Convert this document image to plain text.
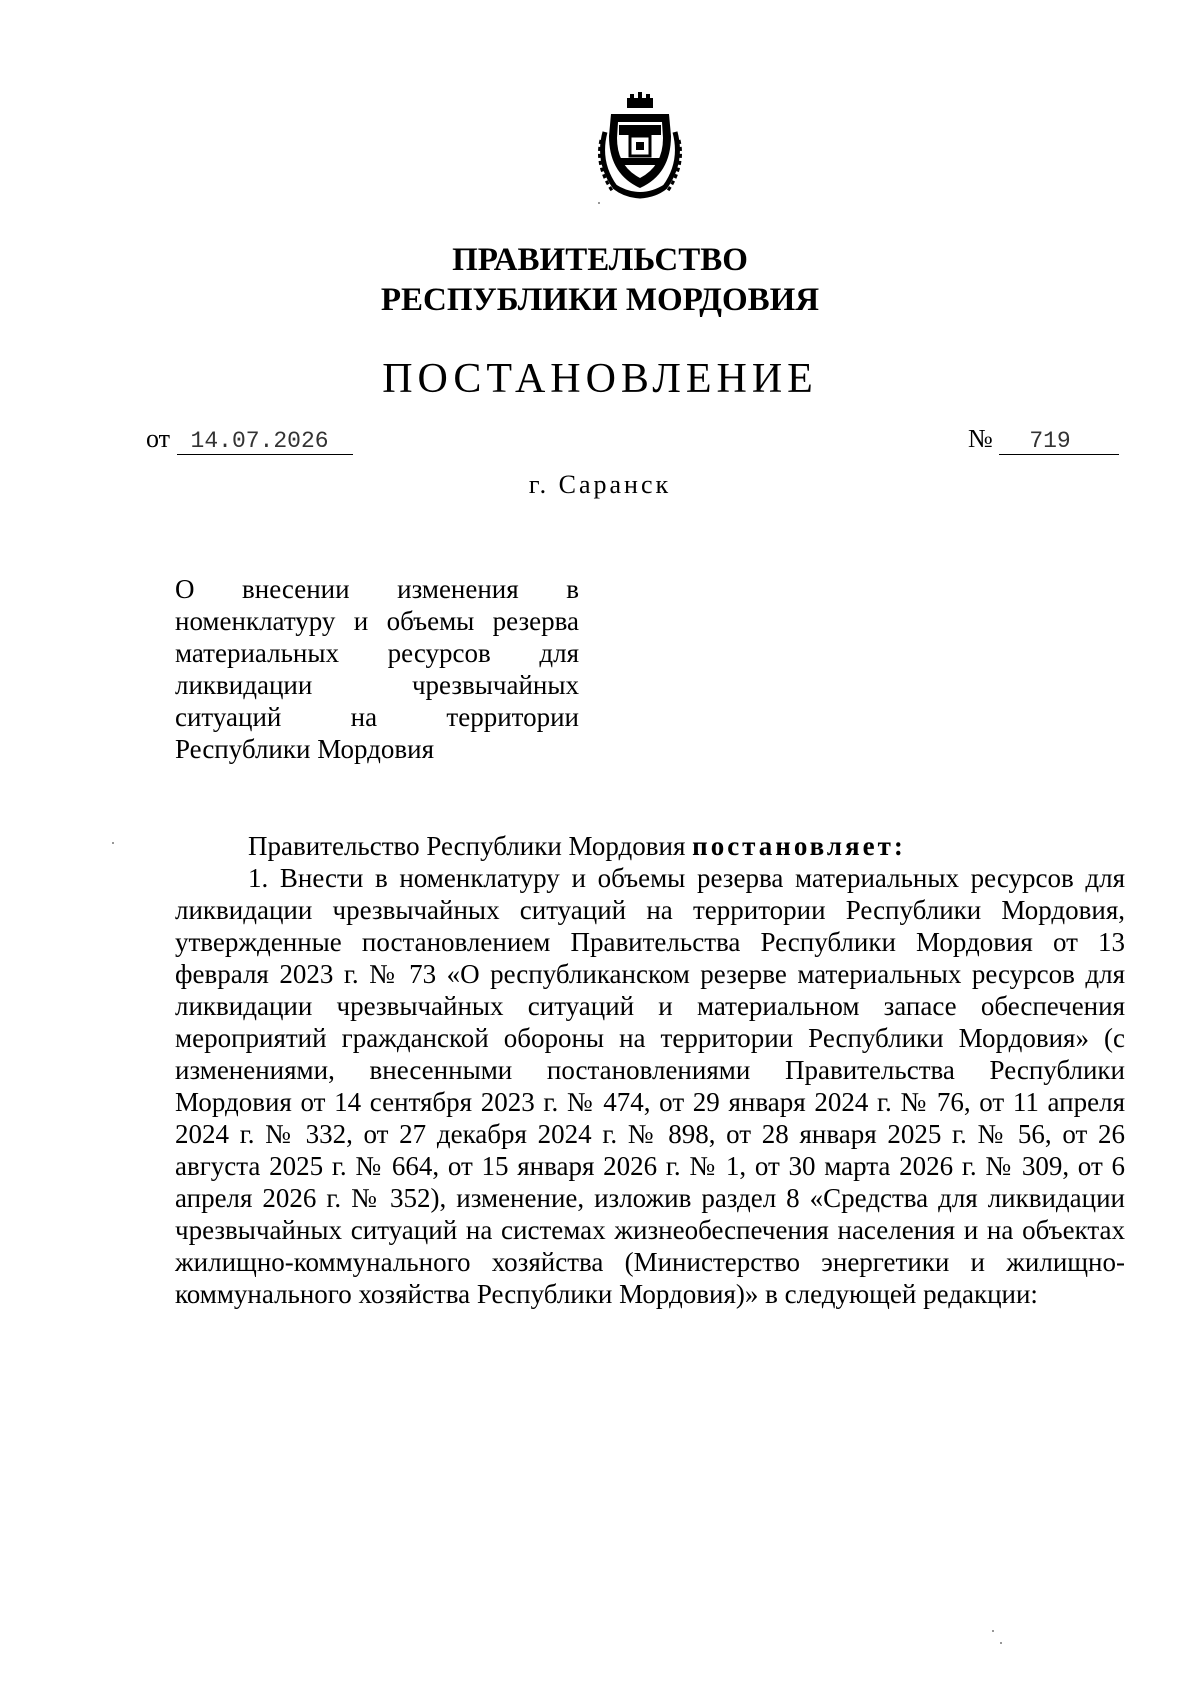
ПРАВИТЕЛЬСТВО
РЕСПУБЛИКИ МОРДОВИЯ
ПОСТАНОВЛЕНИЕ
от 14.07.2026	№ 719
г. Саранск
О внесении изменения в номенклатуру и объемы резерва материальных ресурсов для ликвидации чрезвычайных ситуаций на территории Республики Мордовия

Правительство Республики Мордовия постановляет:

1. Внести в номенклатуру и объемы резерва материальных ресурсов для ликвидации чрезвычайных ситуаций на территории Республики Мордовия, утвержденные постановлением Правительства Республики Мордовия от 13 февраля 2023 г. № 73 «О республиканском резерве материальных ресурсов для ликвидации чрезвычайных ситуаций и материальном запасе обеспечения мероприятий гражданской обороны на территории Республики Мордовия» (с изменениями, внесенными постановлениями Правительства Республики Мордовия от 14 сентября 2023 г. № 474, от 29 января 2024 г. № 76, от 11 апреля 2024 г. № 332, от 27 декабря 2024 г. № 898, от 28 января 2025 г. № 56, от 26 августа 2025 г. № 664, от 15 января 2026 г. № 1, от 30 марта 2026 г. № 309, от 6 апреля 2026 г. № 352), изменение, изложив раздел 8 «Средства для ликвидации чрезвычайных ситуаций на системах жизнеобеспечения населения и на объектах жилищно-коммунального хозяйства (Министерство энергетики и жилищно-коммунального хозяйства Республики Мордовия)» в следующей редакции:
